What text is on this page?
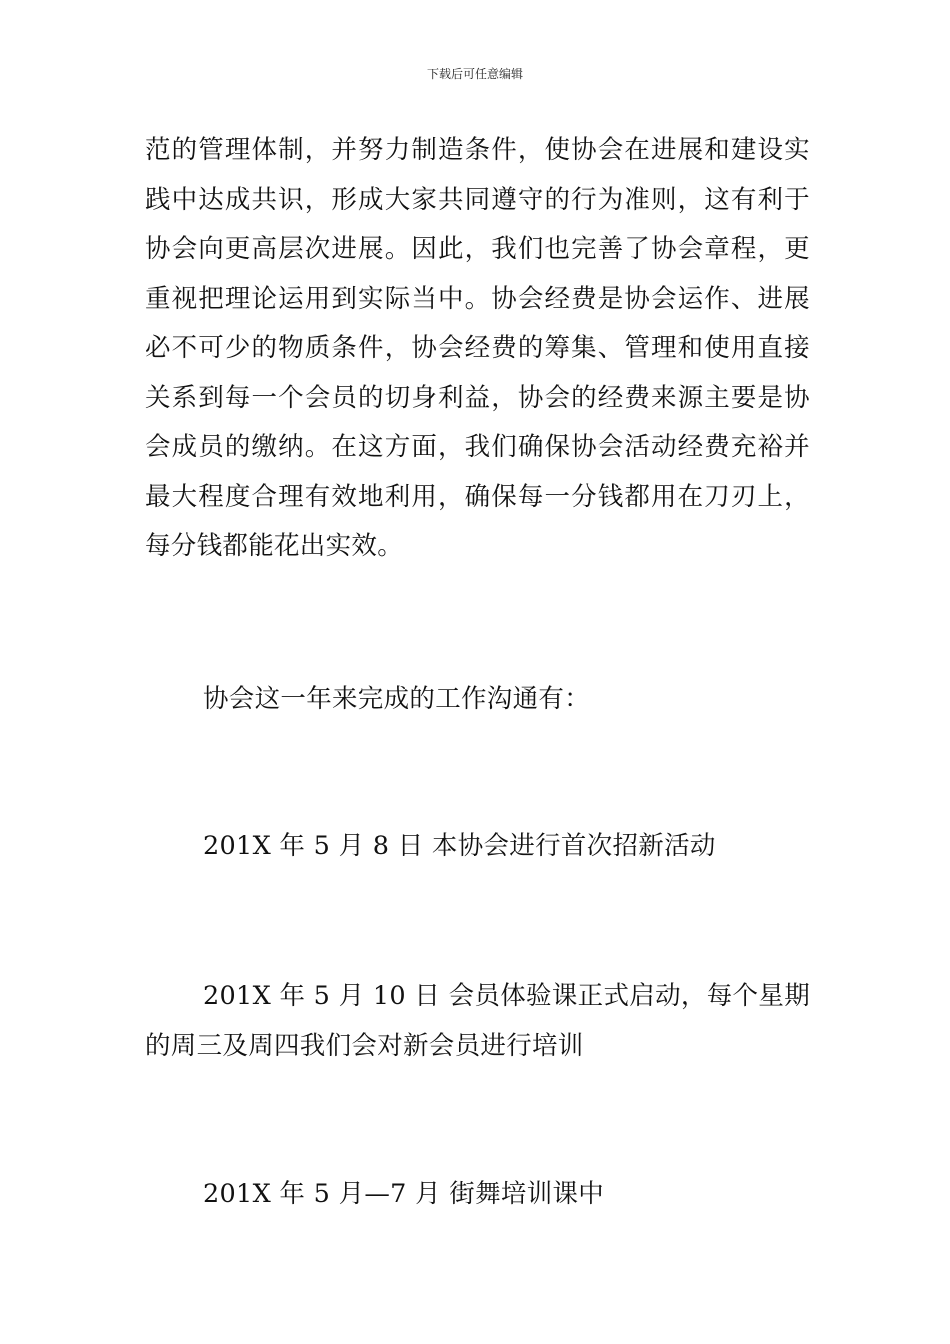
下载后可任意编辑

范的管理体制，并努力制造条件，使协会在进展和建设实践中达成共识，形成大家共同遵守的行为准则，这有利于协会向更高层次进展。因此，我们也完善了协会章程，更重视把理论运用到实际当中。协会经费是协会运作、进展必不可少的物质条件，协会经费的筹集、管理和使用直接关系到每一个会员的切身利益，协会的经费来源主要是协会成员的缴纳。在这方面，我们确保协会活动经费充裕并最大程度合理有效地利用，确保每一分钱都用在刀刃上，每分钱都能花出实效。

协会这一年来完成的工作沟通有：

201X 年 5 月 8 日 本协会进行首次招新活动

201X 年 5 月 10 日 会员体验课正式启动，每个星期的周三及周四我们会对新会员进行培训

201X 年 5 月—7 月 街舞培训课中
